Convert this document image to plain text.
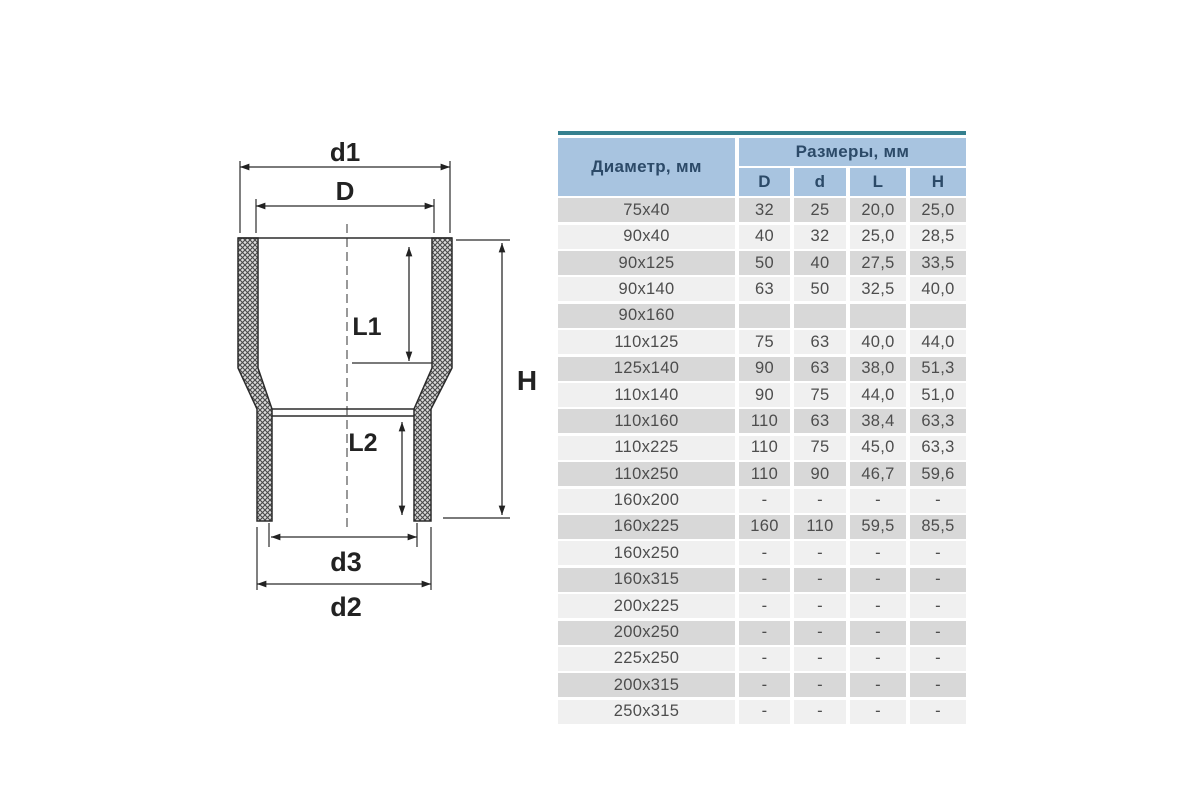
d1
D
L1
L2
d3
d2
H
Диаметр, мм
Размеры, мм
D	d	L	H
75x40	32	25	20,0	25,0
90x40	40	32	25,0	28,5
90x125	50	40	27,5	33,5
90x140	63	50	32,5	40,0
90x160
110x125	75	63	40,0	44,0
125x140	90	63	38,0	51,3
110x140	90	75	44,0	51,0
110x160	110	63	38,4	63,3
110x225	110	75	45,0	63,3
110x250	110	90	46,7	59,6
160x200	-	-	-	-
160x225	160	110	59,5	85,5
160x250	-	-	-	-
160x315	-	-	-	-
200x225	-	-	-	-
200x250	-	-	-	-
225x250	-	-	-	-
200x315	-	-	-	-
250x315	-	-	-	-
